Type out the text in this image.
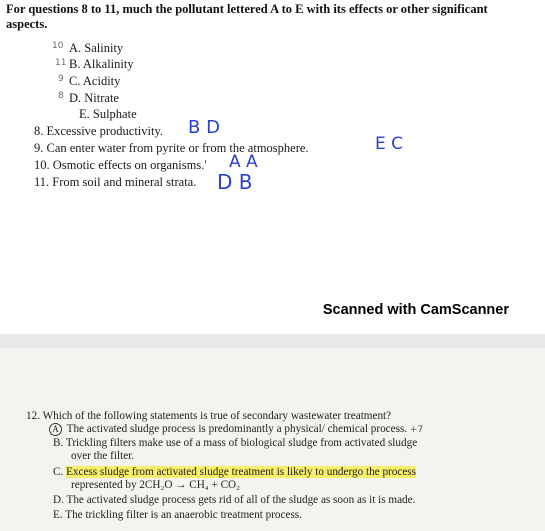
For questions 8 to 11, much the pollutant lettered A to E with its effects or other significant
aspects.
10 A. Salinity
11 B. Alkalinity
9 C. Acidity
8 D. Nitrate
E. Sulphate
8. Excessive productivity. B D
9. Can enter water from pyrite or from the atmosphere.	E C
10. Osmotic effects on organisms.' A A
11. From soil and mineral strata. D B
Scanned with CamScanner
12. Which of the following statements is true of secondary wastewater treatment?
A The activated sludge process is predominantly a physical/ chemical process. +7
B. Trickling filters make use of a mass of biological sludge from activated sludge
over the filter.
C. Excess sludge from activated sludge treatment is likely to undergo the process
represented by 2CH₂O → CH₄ + CO₂
D. The activated sludge process gets rid of all of the sludge as soon as it is made.
E. The trickling filter is an anaerobic treatment process.
